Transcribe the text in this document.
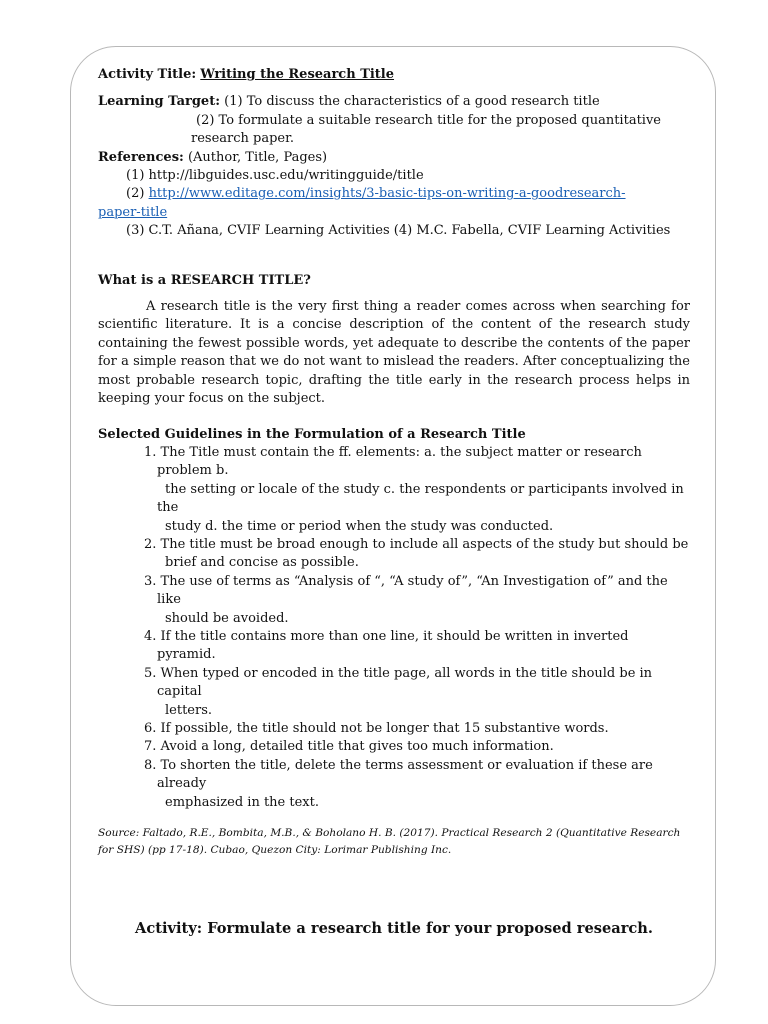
Activity Title: Writing the Research Title

Learning Target: (1) To discuss the characteristics of a good research title

(2) To formulate a suitable research title for the proposed quantitative

research paper.

References: (Author, Title, Pages)

(1) http://libguides.usc.edu/writingguide/title

(2) http://www.editage.com/insights/3-basic-tips-on-writing-a-goodresearch-

paper-title

(3) C.T. Añana, CVIF Learning Activities (4) M.C. Fabella, CVIF Learning Activities

What is a RESEARCH TITLE?

A research title is the very first thing a reader comes across when searching for scientific literature. It is a concise description of the content of the research study containing the fewest possible words, yet adequate to describe the contents of the paper for a simple reason that we do not want to mislead the readers. After conceptualizing the most probable research topic, drafting the title early in the research process helps in keeping your focus on the subject.

Selected Guidelines in the Formulation of a Research Title

1. The Title must contain the ff. elements: a. the subject matter or research problem b.
the setting or locale of the study c. the respondents or participants involved in the
study d. the time or period when the study was conducted.
2. The title must be broad enough to include all aspects of the study but should be
brief and concise as possible.
3. The use of terms as “Analysis of “, “A study of”, “An Investigation of” and the like
should be avoided.
4. If the title contains more than one line, it should be written in inverted pyramid.
5. When typed or encoded in the title page, all words in the title should be in capital
letters.
6. If possible, the title should not be longer that 15 substantive words.
7. Avoid a long, detailed title that gives too much information.
8. To shorten the title, delete the terms assessment or evaluation if these are already
emphasized in the text.

Source: Faltado, R.E., Bombita, M.B., & Boholano H. B. (2017). Practical Research 2 (Quantitative Research for SHS) (pp 17-18). Cubao, Quezon City: Lorimar Publishing Inc.

Activity: Formulate a research title for your proposed research.
